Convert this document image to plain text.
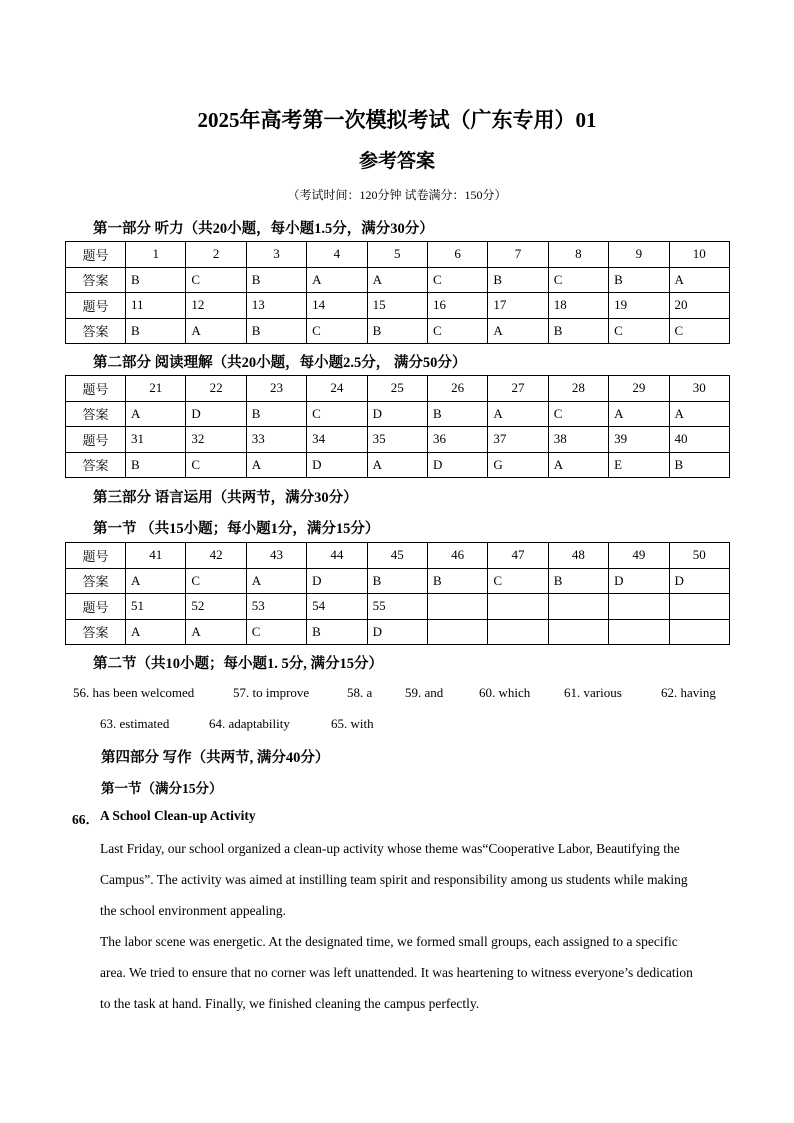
2025年高考第一次模拟考试（广东专用）01
参考答案
（考试时间：120分钟 试卷满分：150分）
第一部分 听力（共20小题，每小题1.5分，满分30分）
题号	1	2	3	4	5	6	7	8	9	10
答案	B	C	B	A	A	C	B	C	B	A
题号	11	12	13	14	15	16	17	18	19	20
答案	B	A	B	C	B	C	A	B	C	C
第二部分 阅读理解（共20小题，每小题2.5分， 满分50分）
题号	21	22	23	24	25	26	27	28	29	30
答案	A	D	B	C	D	B	A	C	A	A
题号	31	32	33	34	35	36	37	38	39	40
答案	B	C	A	D	A	D	G	A	E	B
第三部分 语言运用（共两节，满分30分）
第一节 （共15小题；每小题1分，满分15分）
题号	41	42	43	44	45	46	47	48	49	50
答案	A	C	A	D	B	B	C	B	D	D
题号	51	52	53	54	55					
答案	A	A	C	B	D					
第二节（共10小题；每小题1. 5分, 满分15分）
56. has been welcomed	57. to improve	58. a	59. and	60. which	61. various	62. having
63. estimated	64. adaptability	65. with
第四部分 写作（共两节, 满分40分）
第一节（满分15分）
66． A School Clean-up Activity
Last Friday, our school organized a clean-up activity whose theme was“Cooperative Labor, Beautifying the
Campus”. The activity was aimed at instilling team spirit and responsibility among us students while making
the school environment appealing.
The labor scene was energetic. At the designated time, we formed small groups, each assigned to a specific
area. We tried to ensure that no corner was left unattended. It was heartening to witness everyone’s dedication
to the task at hand. Finally, we finished cleaning the campus perfectly.
